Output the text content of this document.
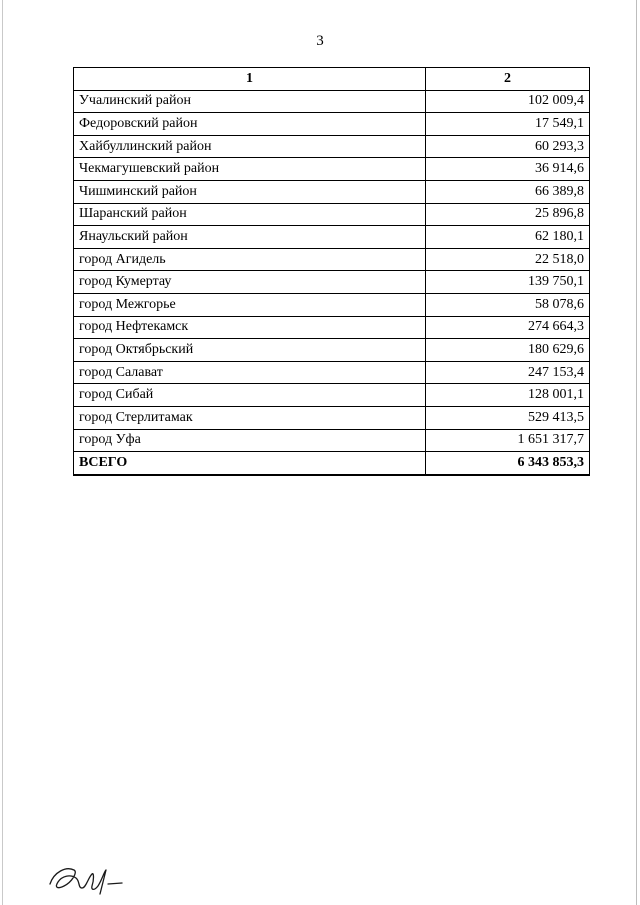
3
1	2
Учалинский район	102 009,4
Федоровский район	17 549,1
Хайбуллинский район	60 293,3
Чекмагушевский район	36 914,6
Чишминский район	66 389,8
Шаранский район	25 896,8
Янаульский район	62 180,1
город Агидель	22 518,0
город Кумертау	139 750,1
город Межгорье	58 078,6
город Нефтекамск	274 664,3
город Октябрьский	180 629,6
город Салават	247 153,4
город Сибай	128 001,1
город Стерлитамак	529 413,5
город Уфа	1 651 317,7
ВСЕГО	6 343 853,3
